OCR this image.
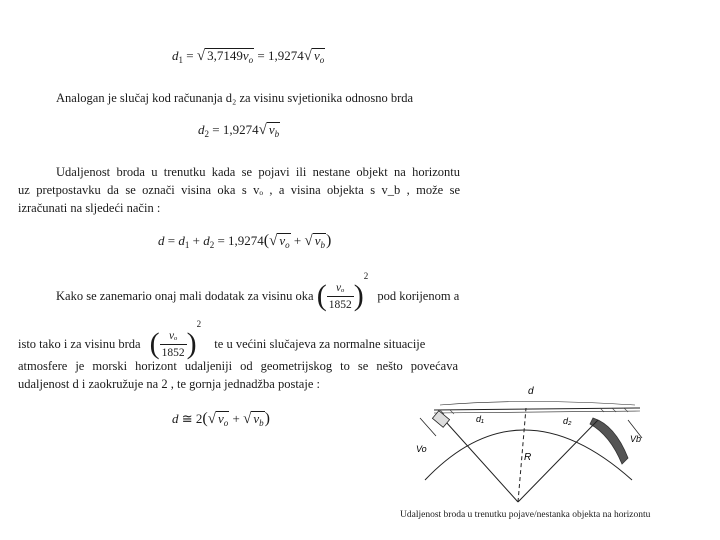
$d_1$ = √ $3,7149v_o = 1,9274√$ $v_o$
Analogan je slučaj kod računanja d₂ za visinu svjetionika odnosno brda
$d_2 = 1,9274√$ $v_b$
Udaljenost broda u trenutku kada se pojavi ili nestane objekt na horizontu
uz pretpostavku da se označi visina oka s vₒ , a visina objekta s v_b , može se
izračunati na sljedeći način :
$d = d_1 + d_2 = 1,9274(√$ $v_o$ + √ $v_b$)
Kako se zanemario onaj mali dodatak za visinu oka ( $\frac{\text{vₒ}}{1852} )^2$ pod korijenom a
isto tako i za visinu brda ( $\frac{\text{vₒ}}{1852} )^2$ te u većini slučajeva za normalne situacije
atmosfere je morski horizont udaljeniji od geometrijskog to se nešto povećava
udaljenost d i zaokružuje na 2 , te gornja jednadžba postaje :
d ≅ 2(√ $v_o$ + √ $v_b$)
d
d₁	d₂
R
Vo
Vb
Udaljenost broda u trenutku pojave/nestanka objekta na horizontu
